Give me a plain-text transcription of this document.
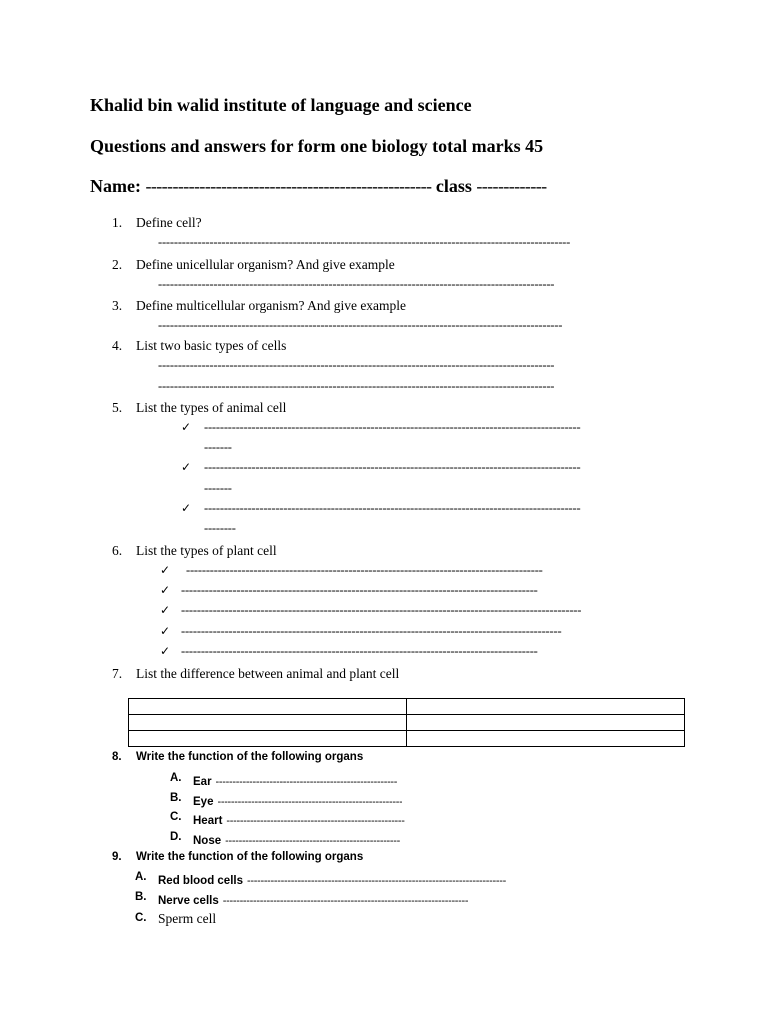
Khalid bin walid institute of language and science
Questions and answers for form one biology total marks 45
Name: ----------------------------------------------------- class -------------
1. Define cell?
--------------------------------------------------------------------------------------------------------
2. Define unicellular organism? And give example
----------------------------------------------------------------------------------------------------
3. Define multicellular organism? And give example
------------------------------------------------------------------------------------------------------
4. List two basic types of cells
----------------------------------------------------------------------------------------------------
----------------------------------------------------------------------------------------------------
5. List the types of animal cell
✓ -----------------------------------------------------------------------------------------------
-------
✓ -----------------------------------------------------------------------------------------------
-------
✓ -----------------------------------------------------------------------------------------------
--------
6. List the types of plant cell
✓ ------------------------------------------------------------------------------------------
✓ ------------------------------------------------------------------------------------------
✓ -----------------------------------------------------------------------------------------------------
✓ ------------------------------------------------------------------------------------------------
✓ ------------------------------------------------------------------------------------------
7. List the difference between animal and plant cell

8. Write the function of the following organs
A. Ear ------------------------------------------------------
B. Eye -------------------------------------------------------
C. Heart -----------------------------------------------------
D. Nose ----------------------------------------------------
9. Write the function of the following organs
A. Red blood cells -----------------------------------------------------------------------------
B. Nerve cells -------------------------------------------------------------------------
C. Sperm cell
